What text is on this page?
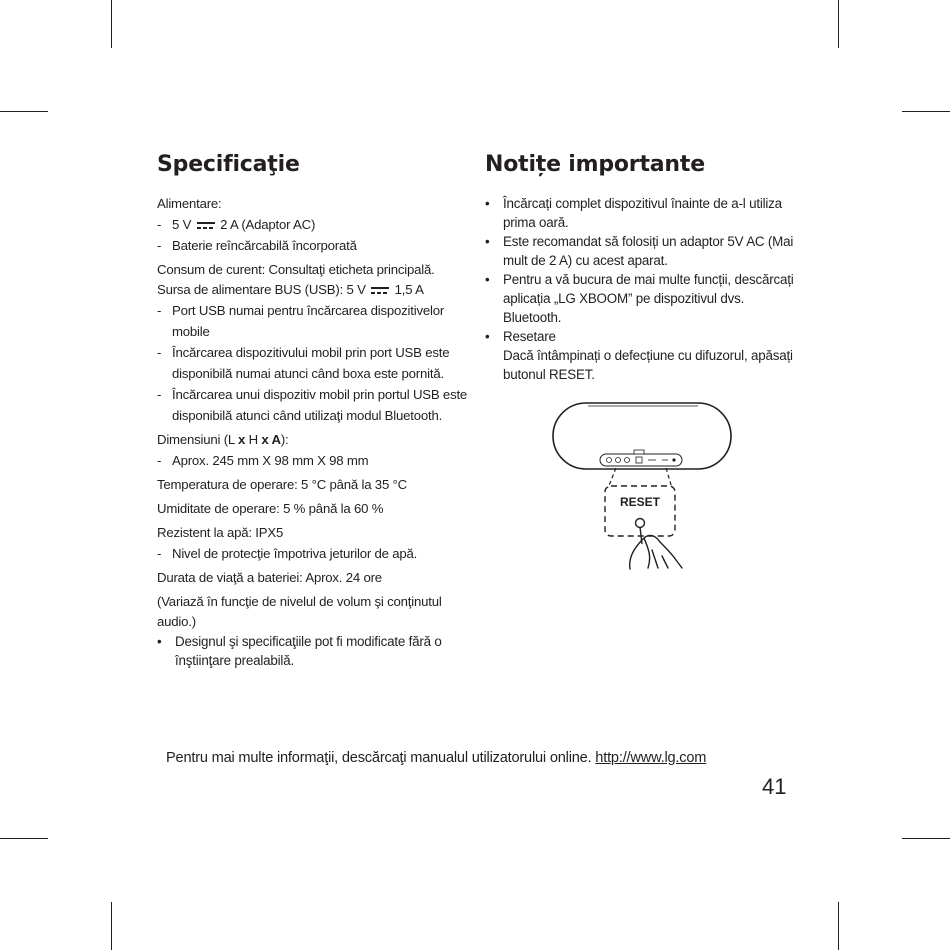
Specificaţie

Alimentare:

- 5 V 2 A (Adaptor AC)
- Baterie reîncărcabilă încorporată

Consum de curent: Consultaţi eticheta principală.

Sursa de alimentare BUS (USB): 5 V 1,5 A

- Port USB numai pentru încărcarea dispozitivelor mobile
- Încărcarea dispozitivului mobil prin port USB este disponibilă numai atunci când boxa este pornită.
- Încărcarea unui dispozitiv mobil prin portul USB este disponibilă atunci când utilizaţi modul Bluetooth.

Dimensiuni (L x H x A):

- Aprox. 245 mm X 98 mm X 98 mm

Temperatura de operare: 5 °C până la 35 °C

Umiditate de operare: 5 % până la 60 %

Rezistent la apă: IPX5

- Nivel de protecţie împotriva jeturilor de apă.

Durata de viaţă a bateriei: Aprox. 24 ore

(Variază în funcţie de nivelul de volum şi conţinutul audio.)

• Designul şi specificaţiile pot fi modificate fără o înştiinţare prealabilă.
Notițe importante
• Încărcați complet dispozitivul înainte de a-l utiliza prima oară.
• Este recomandat să folosiți un adaptor 5V AC (Mai mult de 2 A) cu acest aparat.
• Pentru a vă bucura de mai multe funcții, descărcați aplicația „LG XBOOM” pe dispozitivul dvs. Bluetooth.
• Resetare
Dacă întâmpinați o defecțiune cu difuzorul, apăsați butonul RESET.
RESET
Pentru mai multe informaţii, descărcaţi manualul utilizatorului online. http://www.lg.com
41
